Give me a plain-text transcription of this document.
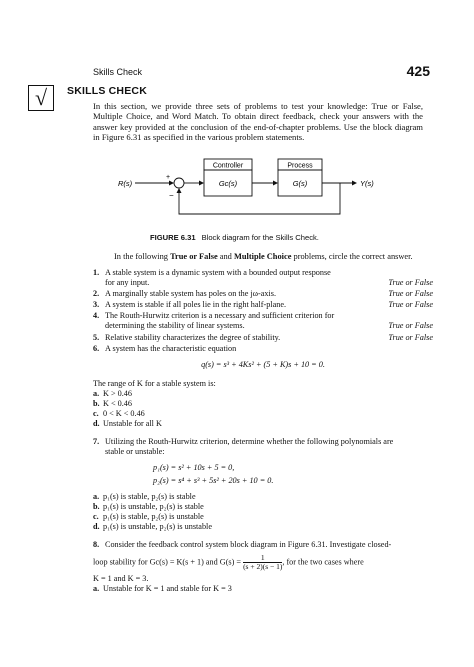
Skills Check	425
√	SKILLS CHECK
In this section, we provide three sets of problems to test your knowledge: True or False, Multiple Choice, and Word Match. To obtain direct feedback, check your answers with the answer key provided at the conclusion of the end-of-chapter problems. Use the block diagram in Figure 6.31 as specified in the various problem statements.
Controller	Process
Gc(s)	G(s)
R(s)
+
−
Y(s)
FIGURE 6.31 Block diagram for the Skills Check.
In the following True or False and Multiple Choice problems, circle the correct answer.
1. A stable system is a dynamic system with a bounded output response
for any input.	True or False
2. A marginally stable system has poles on the jω-axis.	True or False
3. A system is stable if all poles lie in the right half-plane.	True or False
4. The Routh-Hurwitz criterion is a necessary and sufficient criterion for
determining the stability of linear systems.	True or False
5. Relative stability characterizes the degree of stability.	True or False
6. A system has the characteristic equation
q(s) = s³ + 4Ks² + (5 + K)s + 10 = 0.
The range of K for a stable system is:
a. K > 0.46
b. K < 0.46
c. 0 < K < 0.46
d. Unstable for all K
7. Utilizing the Routh-Hurwitz criterion, determine whether the following polynomials are
stable or unstable:
p₁(s) = s² + 10s + 5 = 0,
p₂(s) = s⁴ + s³ + 5s² + 20s + 10 = 0.
a. p₁(s) is stable, p₂(s) is stable
b. p₁(s) is unstable, p₂(s) is stable
c. p₁(s) is stable, p₂(s) is unstable
d. p₁(s) is unstable, p₂(s) is unstable
8. Consider the feedback control system block diagram in Figure 6.31. Investigate closed-
loop stability for Gc(s) = K(s + 1) and $G(s) = \frac{1}{(s + 2)(s - 1)}$ , for the two cases where
K = 1 and K = 3.
a. Unstable for K = 1 and stable for K = 3
